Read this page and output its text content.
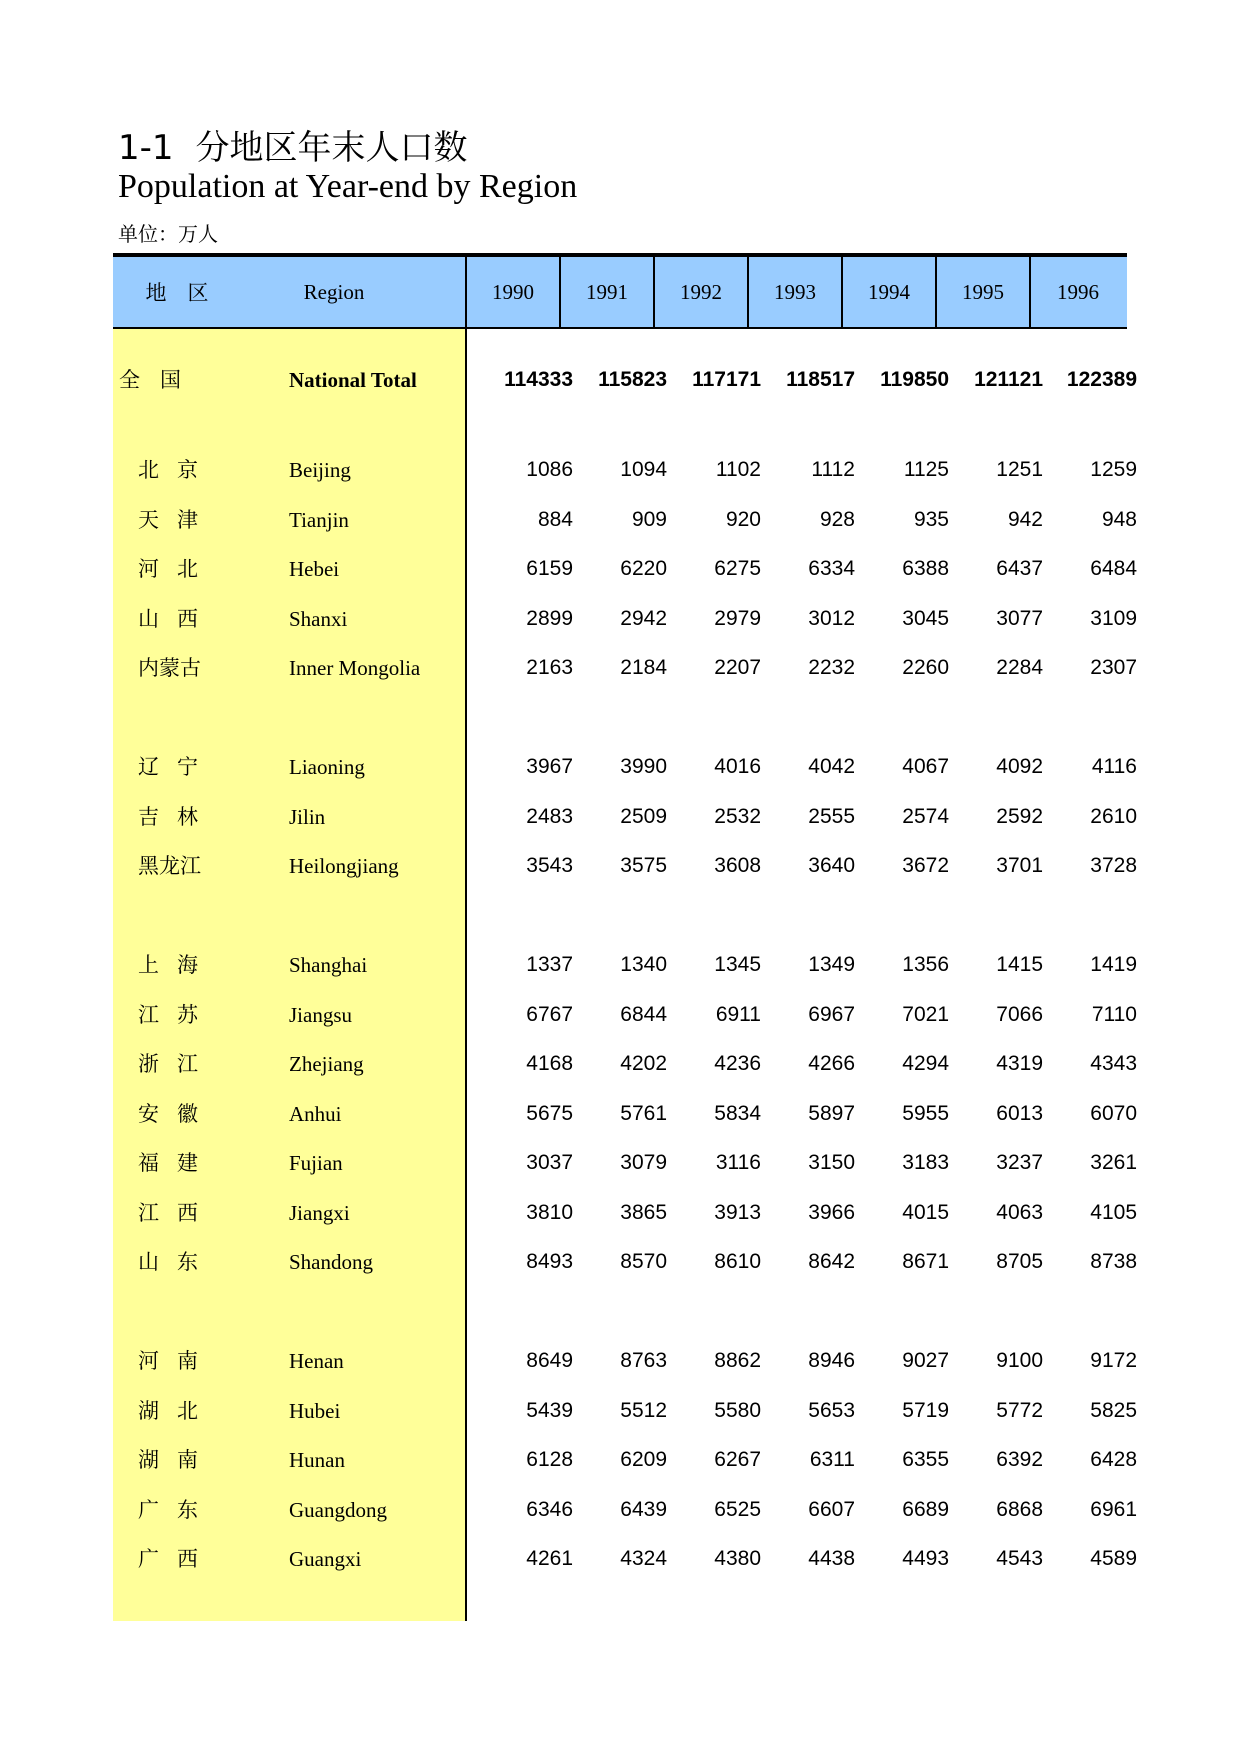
1-1 分地区年末人口数
Population at Year-end by Region
单位：万人
地　区	Region	1990	1991	1992	1993	1994	1995	1996
全国	National Total	114333	115823	117171	118517	119850	121121	122389
北京	Beijing	1086	1094	1102	1112	1125	1251	1259
天津	Tianjin	884	909	920	928	935	942	948
河北	Hebei	6159	6220	6275	6334	6388	6437	6484
山西	Shanxi	2899	2942	2979	3012	3045	3077	3109
内蒙古	Inner Mongolia	2163	2184	2207	2232	2260	2284	2307
辽宁	Liaoning	3967	3990	4016	4042	4067	4092	4116
吉林	Jilin	2483	2509	2532	2555	2574	2592	2610
黑龙江	Heilongjiang	3543	3575	3608	3640	3672	3701	3728
上海	Shanghai	1337	1340	1345	1349	1356	1415	1419
江苏	Jiangsu	6767	6844	6911	6967	7021	7066	7110
浙江	Zhejiang	4168	4202	4236	4266	4294	4319	4343
安徽	Anhui	5675	5761	5834	5897	5955	6013	6070
福建	Fujian	3037	3079	3116	3150	3183	3237	3261
江西	Jiangxi	3810	3865	3913	3966	4015	4063	4105
山东	Shandong	8493	8570	8610	8642	8671	8705	8738
河南	Henan	8649	8763	8862	8946	9027	9100	9172
湖北	Hubei	5439	5512	5580	5653	5719	5772	5825
湖南	Hunan	6128	6209	6267	6311	6355	6392	6428
广东	Guangdong	6346	6439	6525	6607	6689	6868	6961
广西	Guangxi	4261	4324	4380	4438	4493	4543	4589
